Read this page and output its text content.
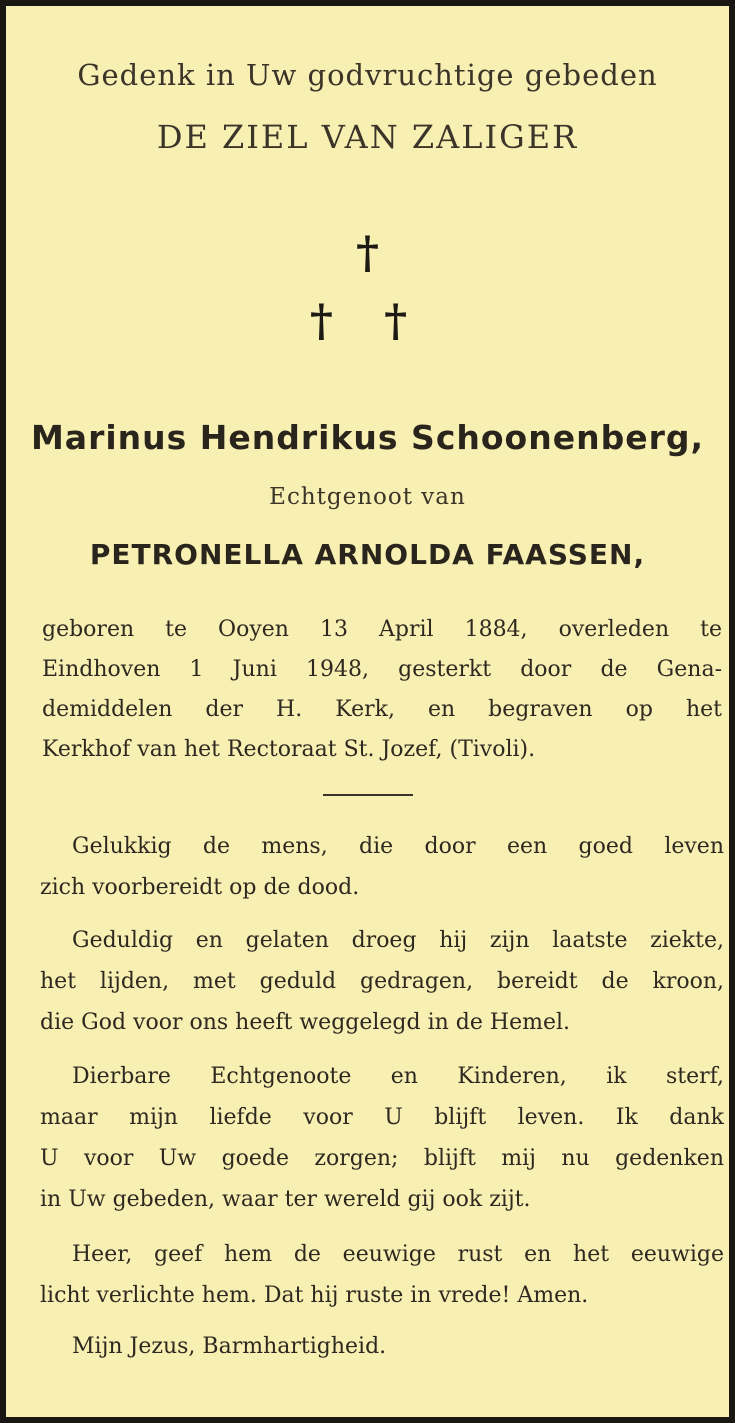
Gedenk in Uw godvruchtige gebeden
DE ZIEL VAN ZALIGER
†
† †
Marinus Hendrikus Schoonenberg,
Echtgenoot van
PETRONELLA ARNOLDA FAASSEN,
geboren te Ooyen 13 April 1884, overleden te
Eindhoven 1 Juni 1948, gesterkt door de Gena-
demiddelen der H. Kerk, en begraven op het
Kerkhof van het Rectoraat St. Jozef, (Tivoli).
Gelukkig de mens, die door een goed leven
zich voorbereidt op de dood.
Geduldig en gelaten droeg hij zijn laatste ziekte,
het lijden, met geduld gedragen, bereidt de kroon,
die God voor ons heeft weggelegd in de Hemel.
Dierbare Echtgenoote en Kinderen, ik sterf,
maar mijn liefde voor U blijft leven. Ik dank
U voor Uw goede zorgen; blijft mij nu gedenken
in Uw gebeden, waar ter wereld gij ook zijt.
Heer, geef hem de eeuwige rust en het eeuwige
licht verlichte hem. Dat hij ruste in vrede! Amen.
Mijn Jezus, Barmhartigheid.
